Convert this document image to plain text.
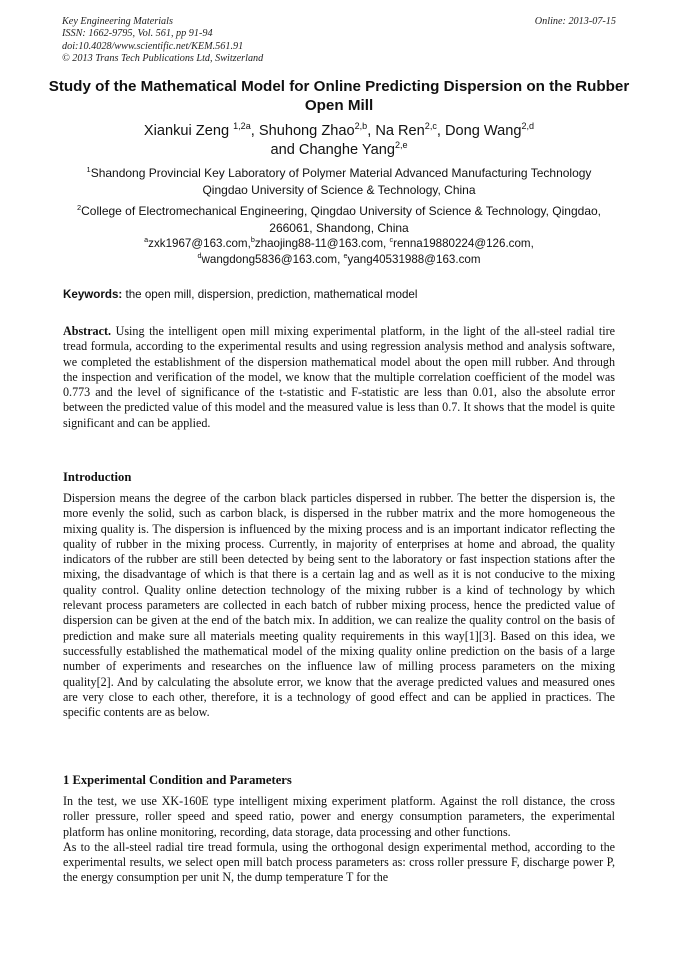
Key Engineering Materials
ISSN: 1662-9795, Vol. 561, pp 91-94
doi:10.4028/www.scientific.net/KEM.561.91
© 2013 Trans Tech Publications Ltd, Switzerland
Online: 2013-07-15
Study of the Mathematical Model for Online Predicting Dispersion on the Rubber Open Mill
Xiankui Zeng $^{1,2a}$, Shuhong Zhao$^{2,b}$, Na Ren$^{2,c}$, Dong Wang$^{2,d}$
and Changhe Yang$^{2,e}$
$^1$Shandong Provincial Key Laboratory of Polymer Material Advanced Manufacturing Technology
Qingdao University of Science & Technology, China
$^2$College of Electromechanical Engineering, Qingdao University of Science & Technology, Qingdao,
266061, Shandong, China
$^a$zxk1967@163.com,$^b$zhaojing88-11@163.com, $^c$renna19880224@126.com,
$^d$wangdong5836@163.com, $^e$yang40531988@163.com
Keywords: the open mill, dispersion, prediction, mathematical model
Abstract. Using the intelligent open mill mixing experimental platform, in the light of the all-steel radial tire tread formula, according to the experimental results and using regression analysis method and analysis software, we completed the establishment of the dispersion mathematical model about the open mill rubber. And through the inspection and verification of the model, we know that the multiple correlation coefficient of the model was 0.773 and the level of significance of the t-statistic and F-statistic are less than 0.01, also the absolute error between the predicted value of this model and the measured value is less than 0.7. It shows that the model is quite significant and can be applied.
Introduction
Dispersion means the degree of the carbon black particles dispersed in rubber. The better the dispersion is, the more evenly the solid, such as carbon black, is dispersed in the rubber matrix and the more homogeneous the mixing quality is. The dispersion is influenced by the mixing process and is an important indicator reflecting the quality of rubber in the mixing process. Currently, in majority of enterprises at home and abroad, the quality indicators of the rubber are still been detected by being sent to the laboratory or fast inspection stations after the mixing, the disadvantage of which is that there is a certain lag and as well as it is not conducive to the mixing quality control. Quality online detection technology of the mixing rubber is a kind of technology by which relevant process parameters are collected in each batch of rubber mixing process, hence the predicted value of dispersion can be given at the end of the batch mix. In addition, we can realize the quality control on the basis of prediction and make sure all materials meeting quality requirements in this way[1][3]. Based on this idea, we successfully established the mathematical model of the mixing quality online prediction on the basis of a large number of experiments and researches on the influence law of milling process parameters on the mixing quality[2]. And by calculating the absolute error, we know that the average predicted values and measured ones are very close to each other, therefore, it is a technology of good effect and can be applied in practices. The specific contents are as below.
1 Experimental Condition and Parameters

In the test, we use XK-160E type intelligent mixing experiment platform. Against the roll distance, the cross roller pressure, roller speed and speed ratio, power and energy consumption parameters, the experimental platform has online monitoring, recording, data storage, data processing and other functions.

As to the all-steel radial tire tread formula, using the orthogonal design experimental method, according to the experimental results, we select open mill batch process parameters as: cross roller pressure F, discharge power P, the energy consumption per unit N, the dump temperature T for the
